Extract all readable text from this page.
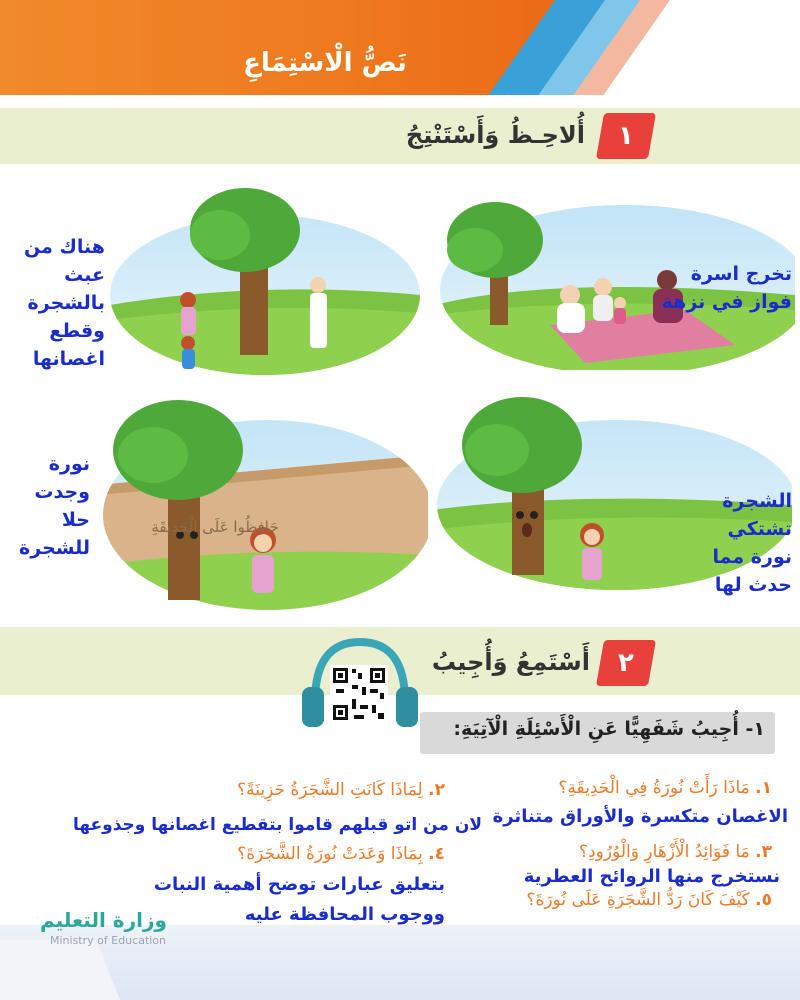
نَصُّ الْاسْتِمَاعِ
١
أُلاحِـظُ وَأَسْتَنْتِجُ
تخرج اسرة
فواز في نزهة
هناك من
عبث
بالشجرة
وقطع
اغصانها
الشجرة
تشتكي
نورة مما
حدث لها
حَافِظُوا عَلَى الْحَدِيقَةِ
نورة
وجدت حلا
للشجرة
٢
أَسْتَمِعُ وَأُجِيبُ
١- أُجِيبُ شَفَهِيًّا عَنِ الْأَسْئِلَةِ الْآتِيَةِ:
١. مَاذَا رَأَتْ نُورَةُ فِي الْحَدِيقَةِ؟
الاغصان متكسرة والأوراق متناثرة
٣. مَا فَوَائِدُ الْأَزْهَارِ وَالْوُرُودِ؟
نستخرج منها الروائح العطرية
٥. كَيْفَ كَانَ رَدُّ الشَّجَرَةِ عَلَى نُورَةَ؟
٢. لِمَاذَا كَانَتِ الشَّجَرَةُ حَزِينَةً؟
لان من اتو قبلهم قاموا بتقطيع اغصانها وجذوعها
٤. بِمَاذَا وَعَدَتْ نُورَةُ الشَّجَرَةَ؟
بتعليق عبارات توضح أهمية النبات
ووجوب المحافظة عليه
وزارة التعليم
Ministry of Education
